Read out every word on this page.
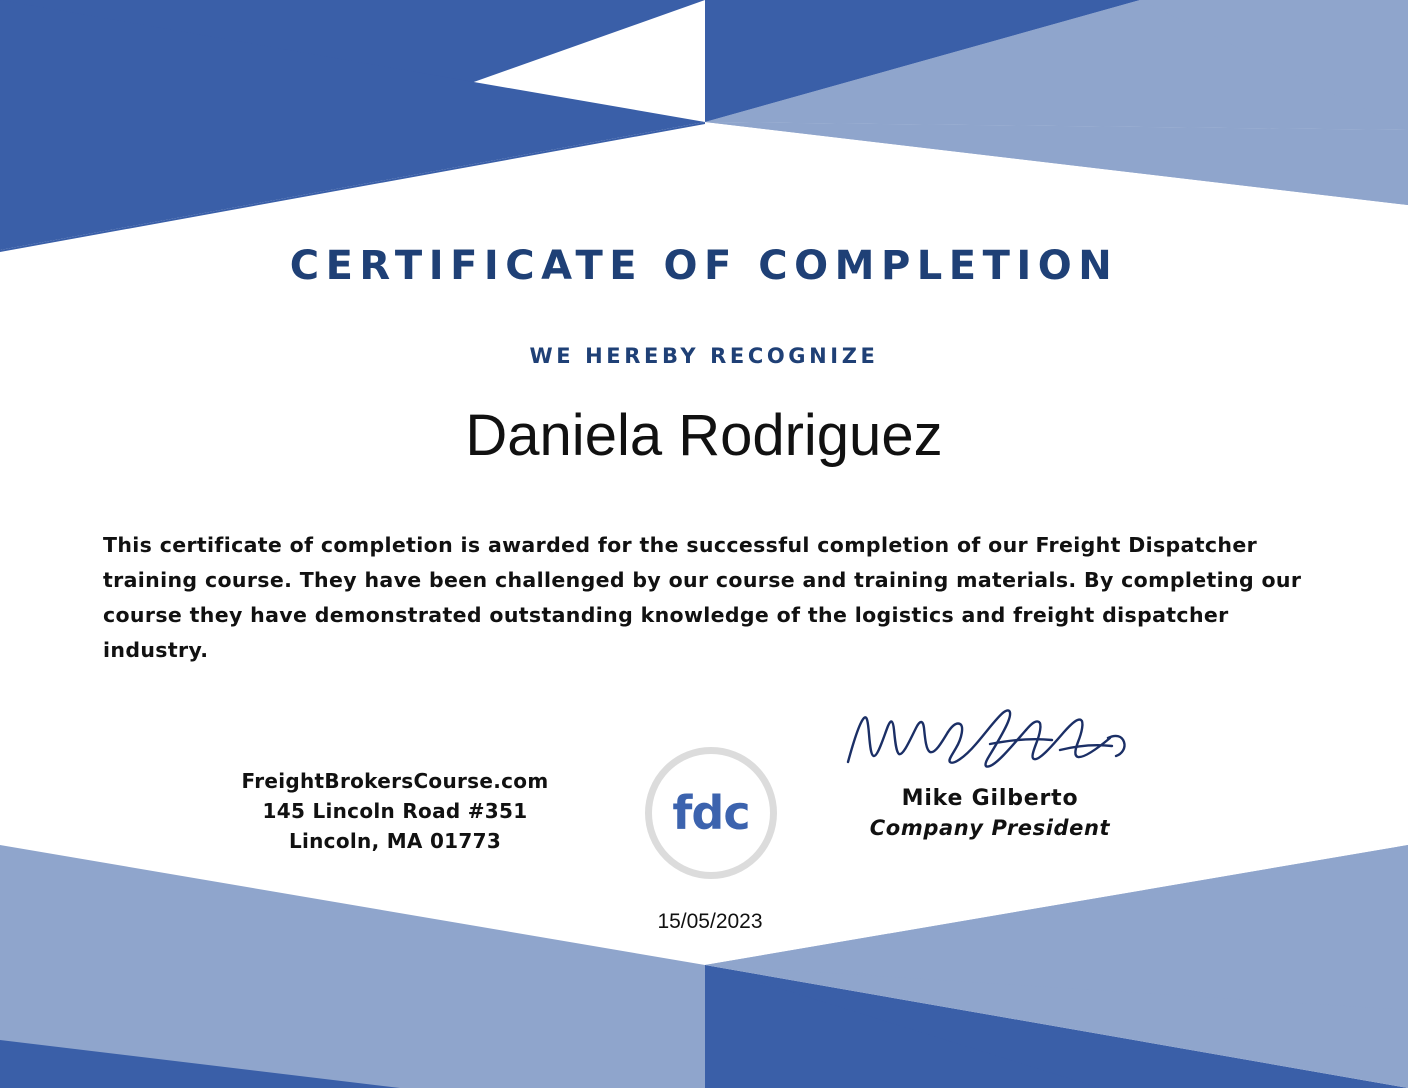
CERTIFICATE OF COMPLETION
WE HEREBY RECOGNIZE
Daniela Rodriguez
This certificate of completion is awarded for the successful completion of our Freight Dispatcher training course. They have been challenged by our course and training materials. By completing our course they have demonstrated outstanding knowledge of the logistics and freight dispatcher industry.
FreightBrokersCourse.com
145 Lincoln Road #351
Lincoln, MA 01773
fdc	Mike Gilberto
Company President
15/05/2023
